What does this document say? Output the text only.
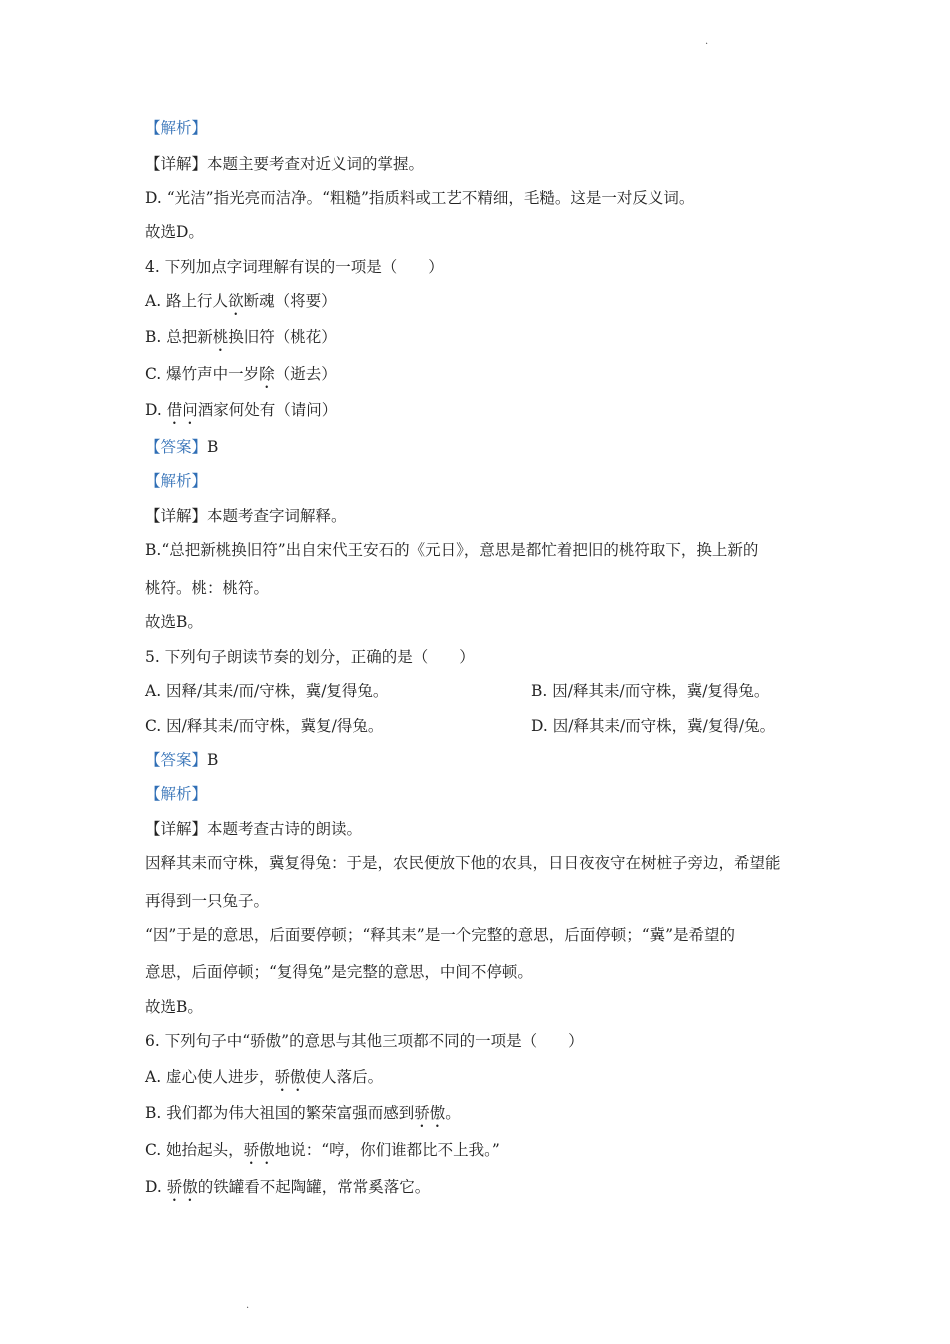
.
【解析】
【详解】本题主要考查对近义词的掌握。
D. “光洁”指光亮而洁净。“粗糙”指质料或工艺不精细，毛糙。这是一对反义词。
故选D。
4. 下列加点字词理解有误的一项是（　　）
A. 路上行人欲断魂（将要）
B. 总把新桃换旧符（桃花）
C. 爆竹声中一岁除（逝去）
D. 借问酒家何处有（请问）
【答案】B
【解析】
【详解】本题考查字词解释。
B.“总把新桃换旧符”出自宋代王安石的《元日》，意思是都忙着把旧的桃符取下，换上新的
桃符。桃：桃符。
故选B。
5. 下列句子朗读节奏的划分，正确的是（　　）
A. 因释/其耒/而/守株，冀/复得兔。	B. 因/释其耒/而守株，冀/复得兔。
C. 因/释其耒/而守株，冀复/得兔。	D. 因/释其耒/而守株，冀/复得/兔。
【答案】B
【解析】
【详解】本题考查古诗的朗读。
因释其耒而守株，冀复得兔：于是，农民便放下他的农具，日日夜夜守在树桩子旁边，希望能
再得到一只兔子。
“因”于是的意思，后面要停顿；“释其耒”是一个完整的意思，后面停顿；“冀”是希望的
意思，后面停顿；“复得兔”是完整的意思，中间不停顿。
故选B。
6. 下列句子中“骄傲”的意思与其他三项都不同的一项是（　　）
A. 虚心使人进步，骄傲使人落后。
B. 我们都为伟大祖国的繁荣富强而感到骄傲。
C. 她抬起头，骄傲地说：“哼，你们谁都比不上我。”
D. 骄傲的铁罐看不起陶罐，常常奚落它。
.
